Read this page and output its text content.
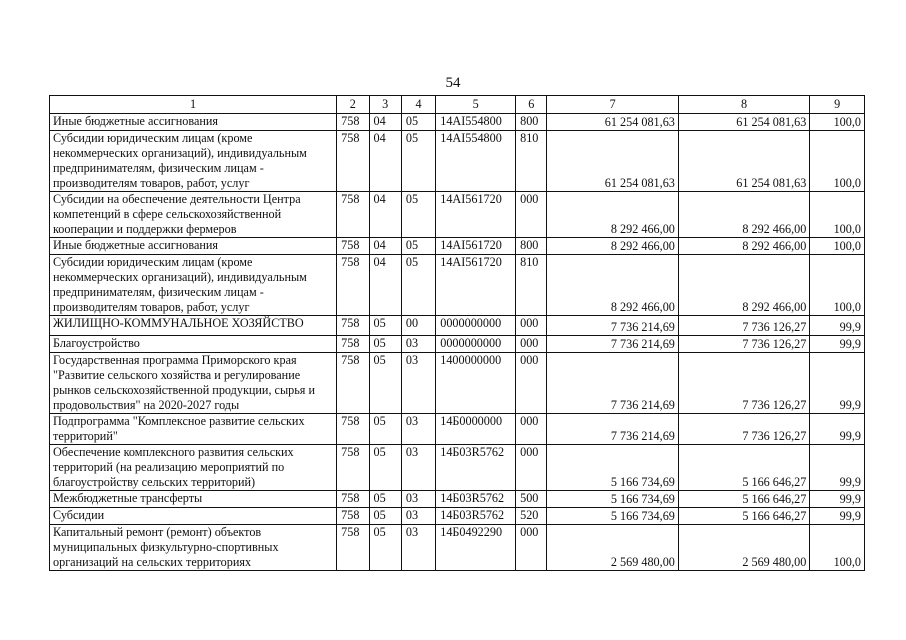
54
1	2	3	4	5	6	7	8	9
Иные бюджетные ассигнования	758	04	05	14AI554800	800	61 254 081,63	61 254 081,63	100,0
Субсидии юридическим лицам (кроме некоммерческих организаций), индивидуальным предпринимателям, физическим лицам - производителям товаров, работ, услуг	758	04	05	14AI554800	810	61 254 081,63	61 254 081,63	100,0
Субсидии на обеспечение деятельности Центра компетенций в сфере сельскохозяйственной кооперации и поддержки фермеров	758	04	05	14AI561720	000	8 292 466,00	8 292 466,00	100,0
Иные бюджетные ассигнования	758	04	05	14AI561720	800	8 292 466,00	8 292 466,00	100,0
Субсидии юридическим лицам (кроме некоммерческих организаций), индивидуальным предпринимателям, физическим лицам - производителям товаров, работ, услуг	758	04	05	14AI561720	810	8 292 466,00	8 292 466,00	100,0
ЖИЛИЩНО-КОММУНАЛЬНОЕ ХОЗЯЙСТВО	758	05	00	0000000000	000	7 736 214,69	7 736 126,27	99,9
Благоустройство	758	05	03	0000000000	000	7 736 214,69	7 736 126,27	99,9
Государственная программа Приморского края "Развитие сельского хозяйства и регулирование рынков сельскохозяйственной продукции, сырья и продовольствия" на 2020-2027 годы	758	05	03	1400000000	000	7 736 214,69	7 736 126,27	99,9
Подпрограмма "Комплексное развитие сельских территорий"	758	05	03	14Б0000000	000	7 736 214,69	7 736 126,27	99,9
Обеспечение комплексного развития сельских территорий (на реализацию мероприятий по благоустройству сельских территорий)	758	05	03	14Б03R5762	000	5 166 734,69	5 166 646,27	99,9
Межбюджетные трансферты	758	05	03	14Б03R5762	500	5 166 734,69	5 166 646,27	99,9
Субсидии	758	05	03	14Б03R5762	520	5 166 734,69	5 166 646,27	99,9
Капитальный ремонт (ремонт) объектов муниципальных физкультурно-спортивных организаций на сельских территориях	758	05	03	14Б0492290	000	2 569 480,00	2 569 480,00	100,0
